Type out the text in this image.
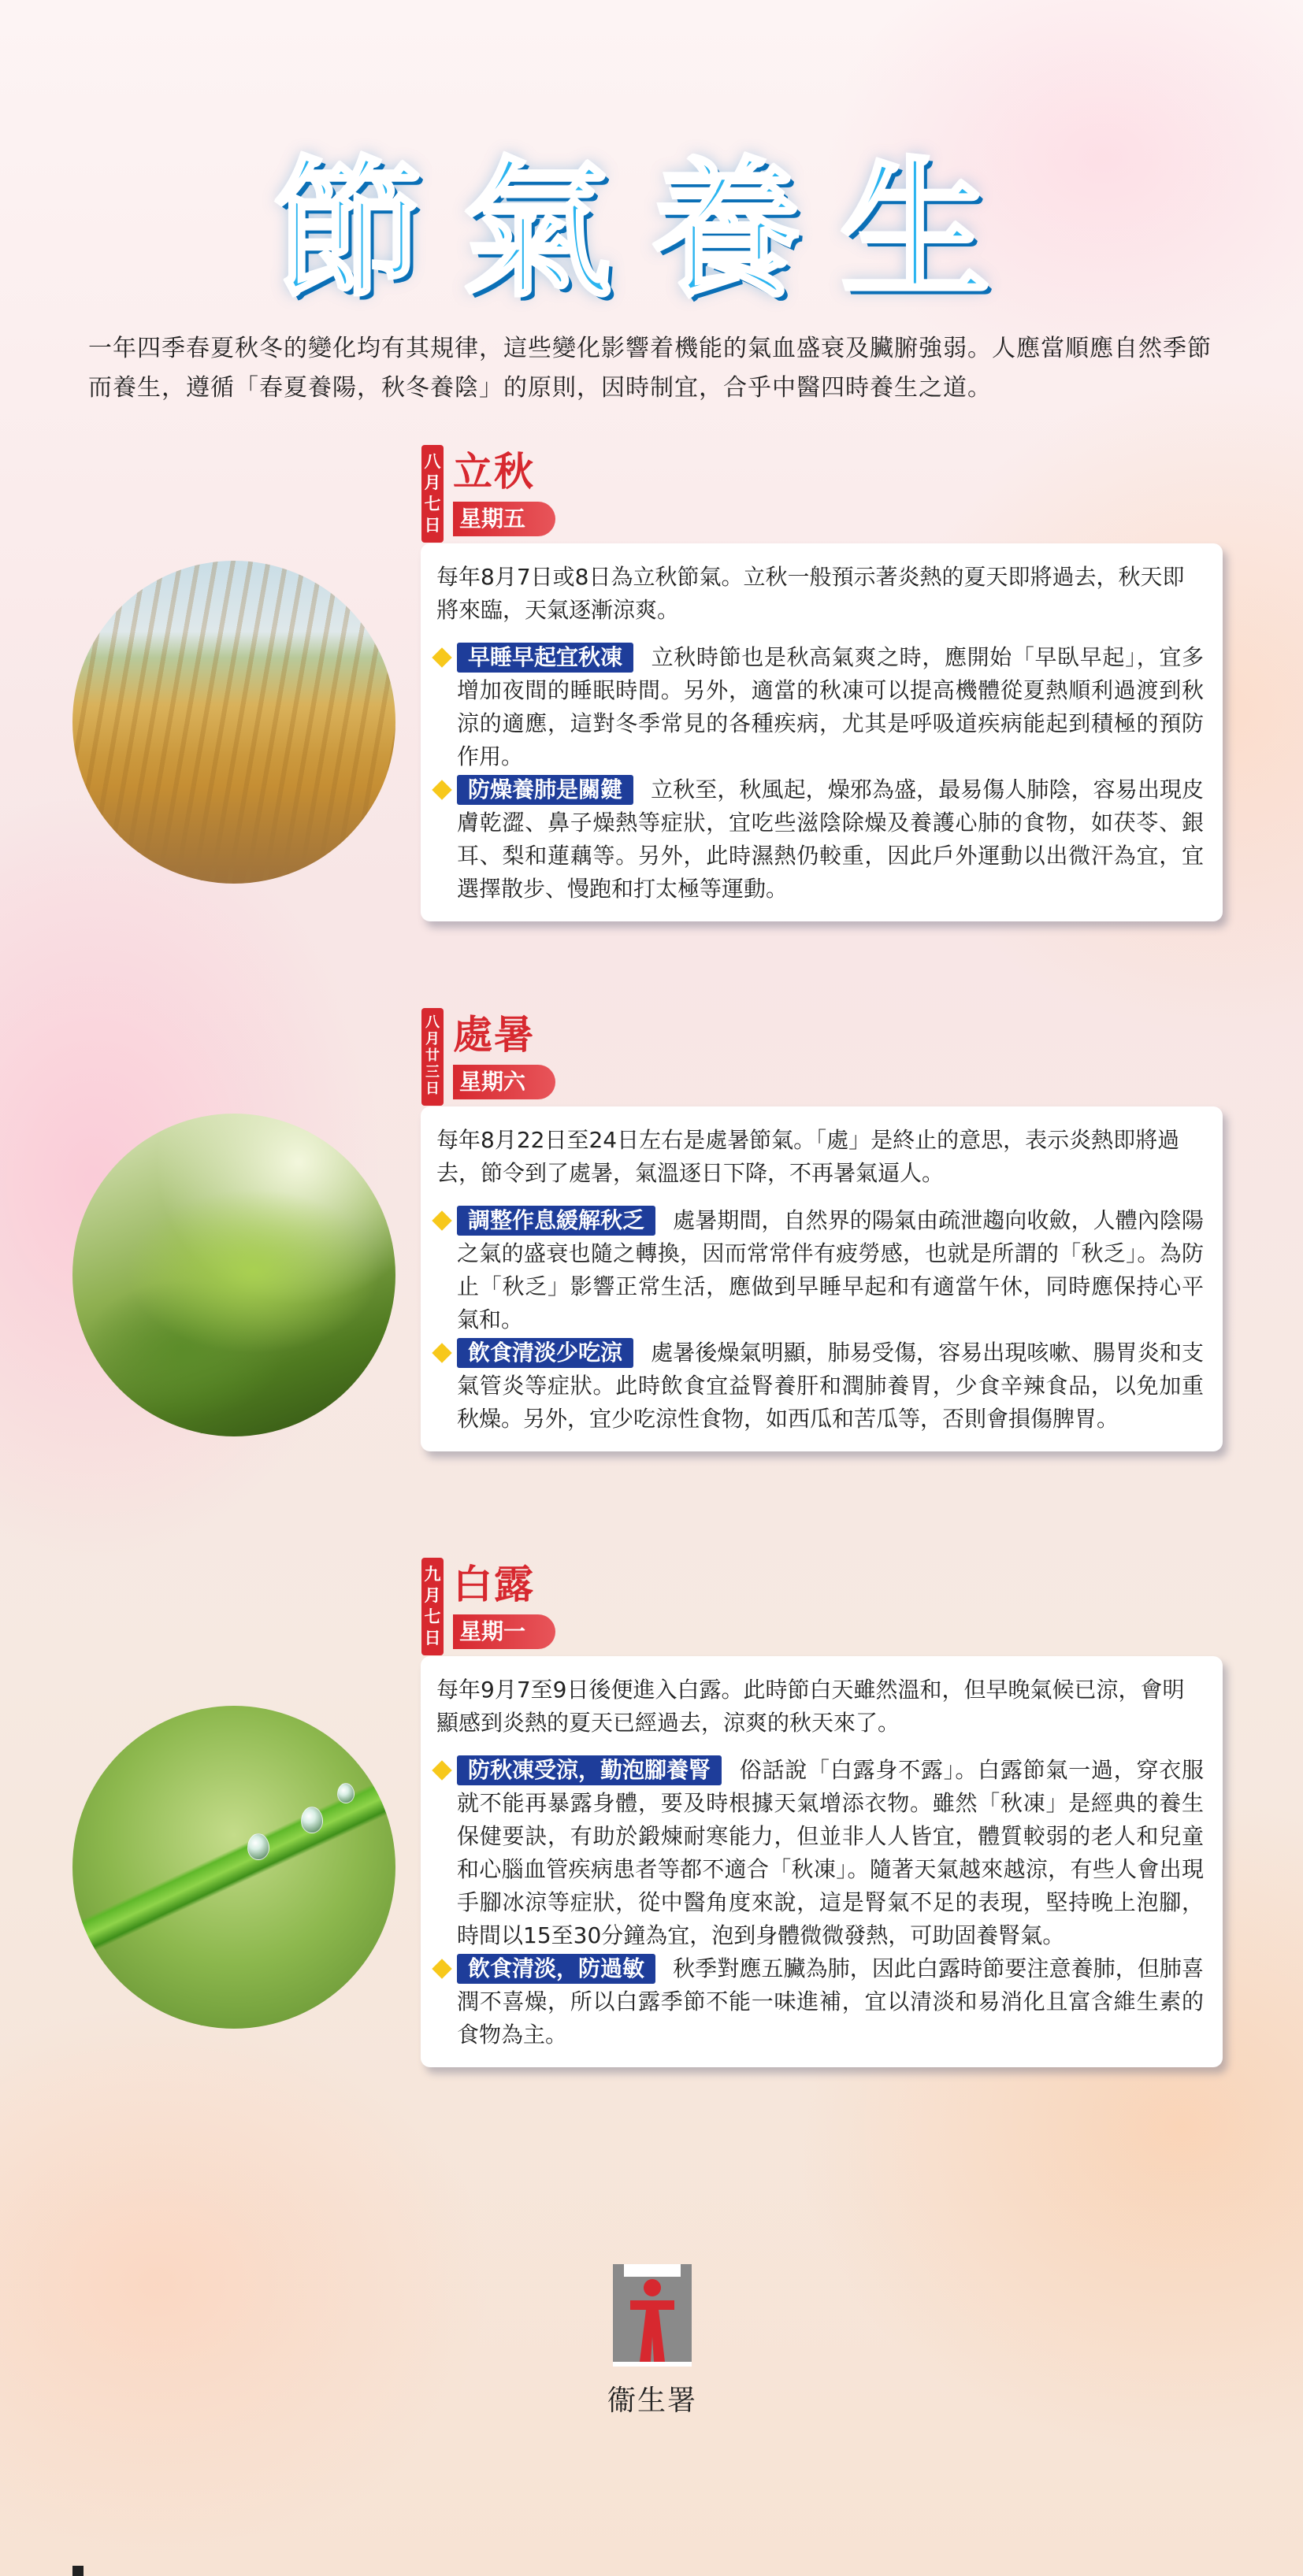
節氣養生
一年四季春夏秋冬的變化均有其規律，這些變化影響着機能的氣血盛衰及臟腑強弱。人應當順應自然季節而養生，遵循「春夏養陽，秋冬養陰」的原則，因時制宜，合乎中醫四時養生之道。
八月七日
立秋
星期五

每年8月7日或8日為立秋節氣。立秋一般預示著炎熱的夏天即將過去，秋天即將來臨，天氣逐漸涼爽。

早睡早起宜秋凍 立秋時節也是秋高氣爽之時，應開始「早臥早起」，宜多增加夜間的睡眠時間。另外，適當的秋凍可以提高機體從夏熱順利過渡到秋涼的適應，這對冬季常見的各種疾病，尤其是呼吸道疾病能起到積極的預防作用。

防燥養肺是關鍵 立秋至，秋風起，燥邪為盛，最易傷人肺陰，容易出現皮膚乾澀、鼻子燥熱等症狀，宜吃些滋陰除燥及養護心肺的食物，如茯苓、銀耳、梨和蓮藕等。另外，此時濕熱仍較重，因此戶外運動以出微汗為宜，宜選擇散步、慢跑和打太極等運動。

八月廿三日
處暑
星期六

每年8月22日至24日左右是處暑節氣。「處」是終止的意思，表示炎熱即將過去，節令到了處暑，氣溫逐日下降，不再暑氣逼人。

調整作息緩解秋乏 處暑期間，自然界的陽氣由疏泄趨向收斂，人體內陰陽之氣的盛衰也隨之轉換，因而常常伴有疲勞感，也就是所謂的「秋乏」。為防止「秋乏」影響正常生活，應做到早睡早起和有適當午休，同時應保持心平氣和。

飲食清淡少吃涼 處暑後燥氣明顯，肺易受傷，容易出現咳嗽、腸胃炎和支氣管炎等症狀。此時飲食宜益腎養肝和潤肺養胃，少食辛辣食品，以免加重秋燥。另外，宜少吃涼性食物，如西瓜和苦瓜等，否則會損傷脾胃。

九月七日
白露
星期一

每年9月7至9日後便進入白露。此時節白天雖然溫和，但早晚氣候已涼，會明顯感到炎熱的夏天已經過去，涼爽的秋天來了。

防秋凍受涼，勤泡腳養腎 俗話說「白露身不露」。白露節氣一過，穿衣服就不能再暴露身體，要及時根據天氣增添衣物。雖然「秋凍」是經典的養生保健要訣，有助於鍛煉耐寒能力，但並非人人皆宜，體質較弱的老人和兒童和心腦血管疾病患者等都不適合「秋凍」。隨著天氣越來越涼，有些人會出現手腳冰涼等症狀，從中醫角度來說，這是腎氣不足的表現，堅持晚上泡腳，時間以15至30分鐘為宜，泡到身體微微發熱，可助固養腎氣。

飲食清淡，防過敏 秋季對應五臟為肺，因此白露時節要注意養肺，但肺喜潤不喜燥，所以白露季節不能一味進補，宜以清淡和易消化且富含維生素的食物為主。

衞生署
